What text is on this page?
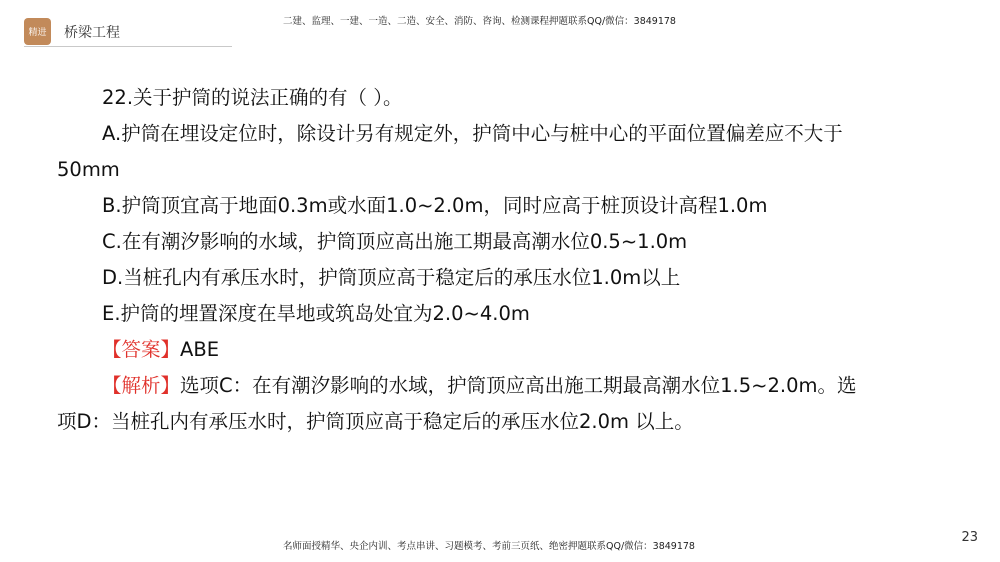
精进 桥梁工程
二建、监理、一建、一造、二造、安全、消防、咨询、检测课程押题联系QQ/微信：3849178

22.关于护筒的说法正确的有（ ）。

A.护筒在埋设定位时，除设计另有规定外，护筒中心与桩中心的平面位置偏差应不大于

50mm

B.护筒顶宜高于地面0.3m或水面1.0~2.0m，同时应高于桩顶设计高程1.0m

C.在有潮汐影响的水域，护筒顶应高出施工期最高潮水位0.5~1.0m

D.当桩孔内有承压水时，护筒顶应高于稳定后的承压水位1.0m以上

E.护筒的埋置深度在旱地或筑岛处宜为2.0~4.0m

【答案】ABE

【解析】选项C：在有潮汐影响的水域，护筒顶应高出施工期最高潮水位1.5~2.0m。选

项D：当桩孔内有承压水时，护筒顶应高于稳定后的承压水位2.0m 以上。

名师面授精华、央企内训、考点串讲、习题模考、考前三页纸、绝密押题联系QQ/微信：3849178
23
